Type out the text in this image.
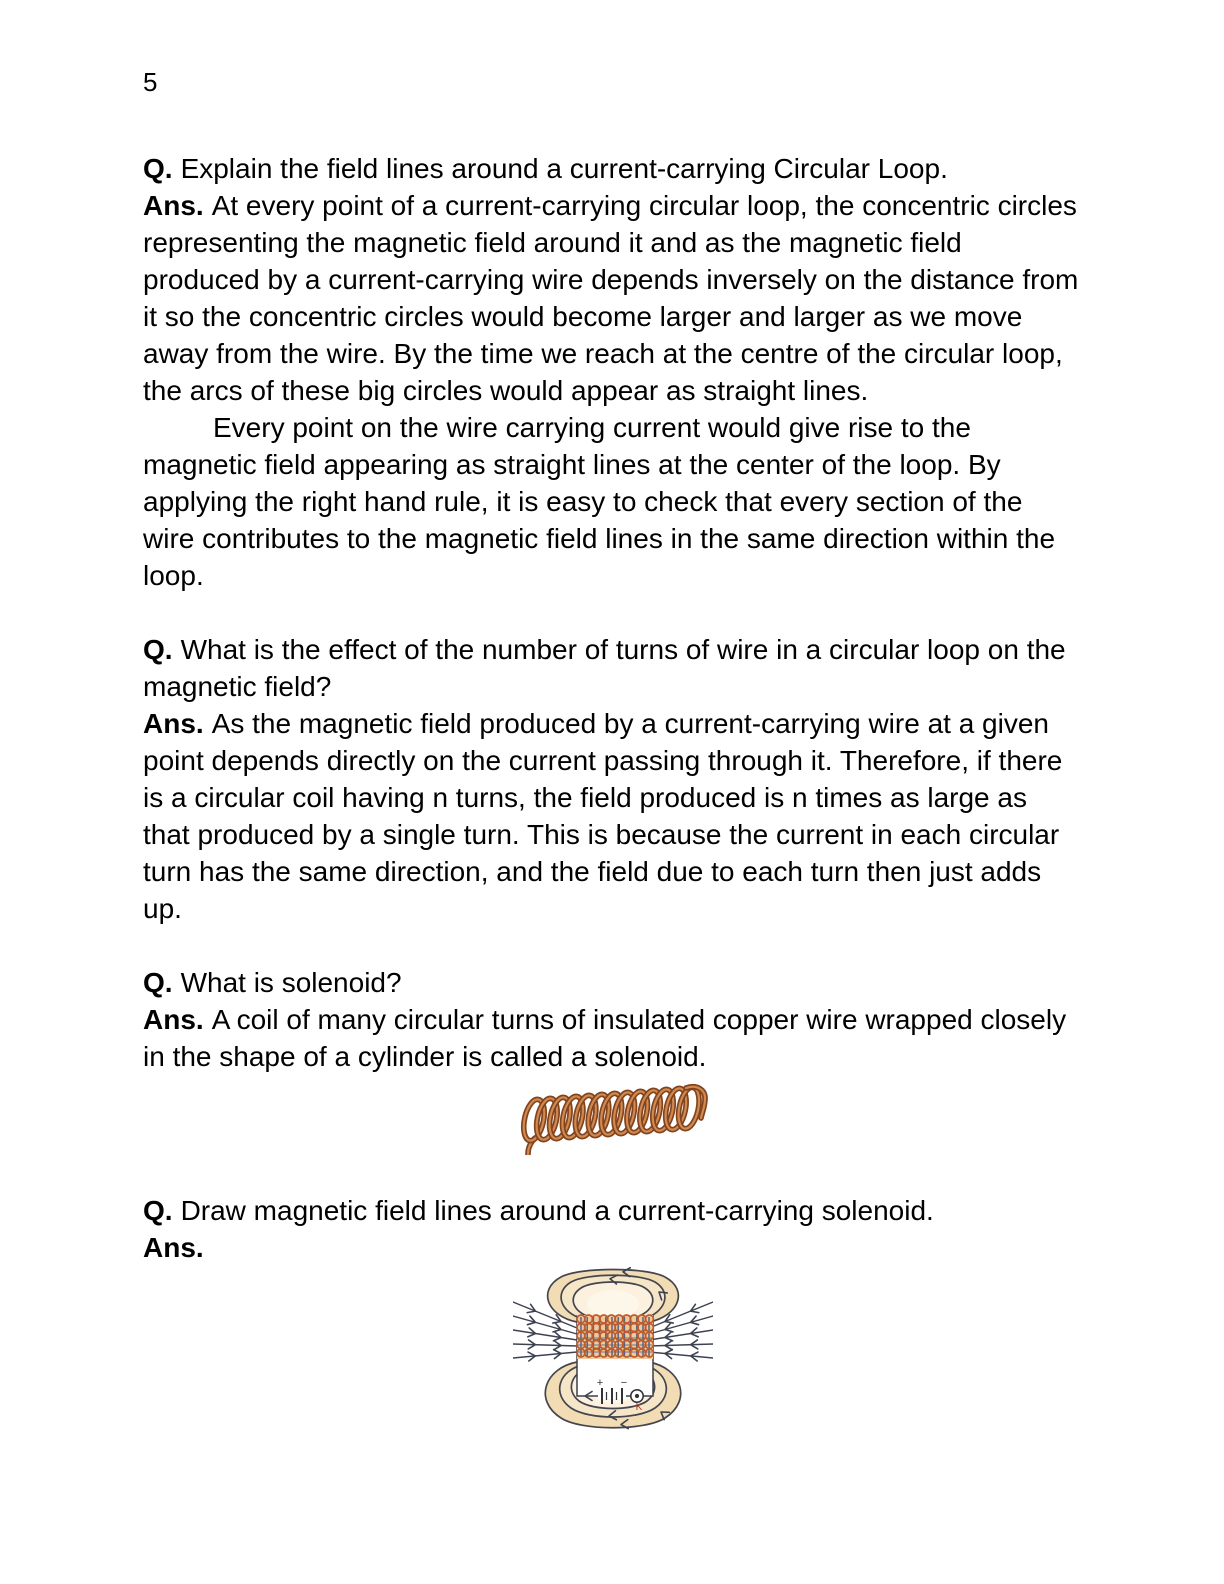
5
Q. Explain the field lines around a current-carrying Circular Loop.
Ans. At every point of a current-carrying circular loop, the concentric circles
representing the magnetic field around it and as the magnetic field
produced by a current-carrying wire depends inversely on the distance from
it so the concentric circles would become larger and larger as we move
away from the wire. By the time we reach at the centre of the circular loop,
the arcs of these big circles would appear as straight lines.
Every point on the wire carrying current would give rise to the
magnetic field appearing as straight lines at the center of the loop. By
applying the right hand rule, it is easy to check that every section of the
wire contributes to the magnetic field lines in the same direction within the
loop.
Q. What is the effect of the number of turns of wire in a circular loop on the
magnetic field?
Ans. As the magnetic field produced by a current-carrying wire at a given
point depends directly on the current passing through it. Therefore, if there
is a circular coil having n turns, the field produced is n times as large as
that produced by a single turn. This is because the current in each circular
turn has the same direction, and the field due to each turn then just adds
up.
Q. What is solenoid?
Ans. A coil of many circular turns of insulated copper wire wrapped closely
in the shape of a cylinder is called a solenoid.
Q. Draw magnetic field lines around a current-carrying solenoid.
Ans.
+ −
K
